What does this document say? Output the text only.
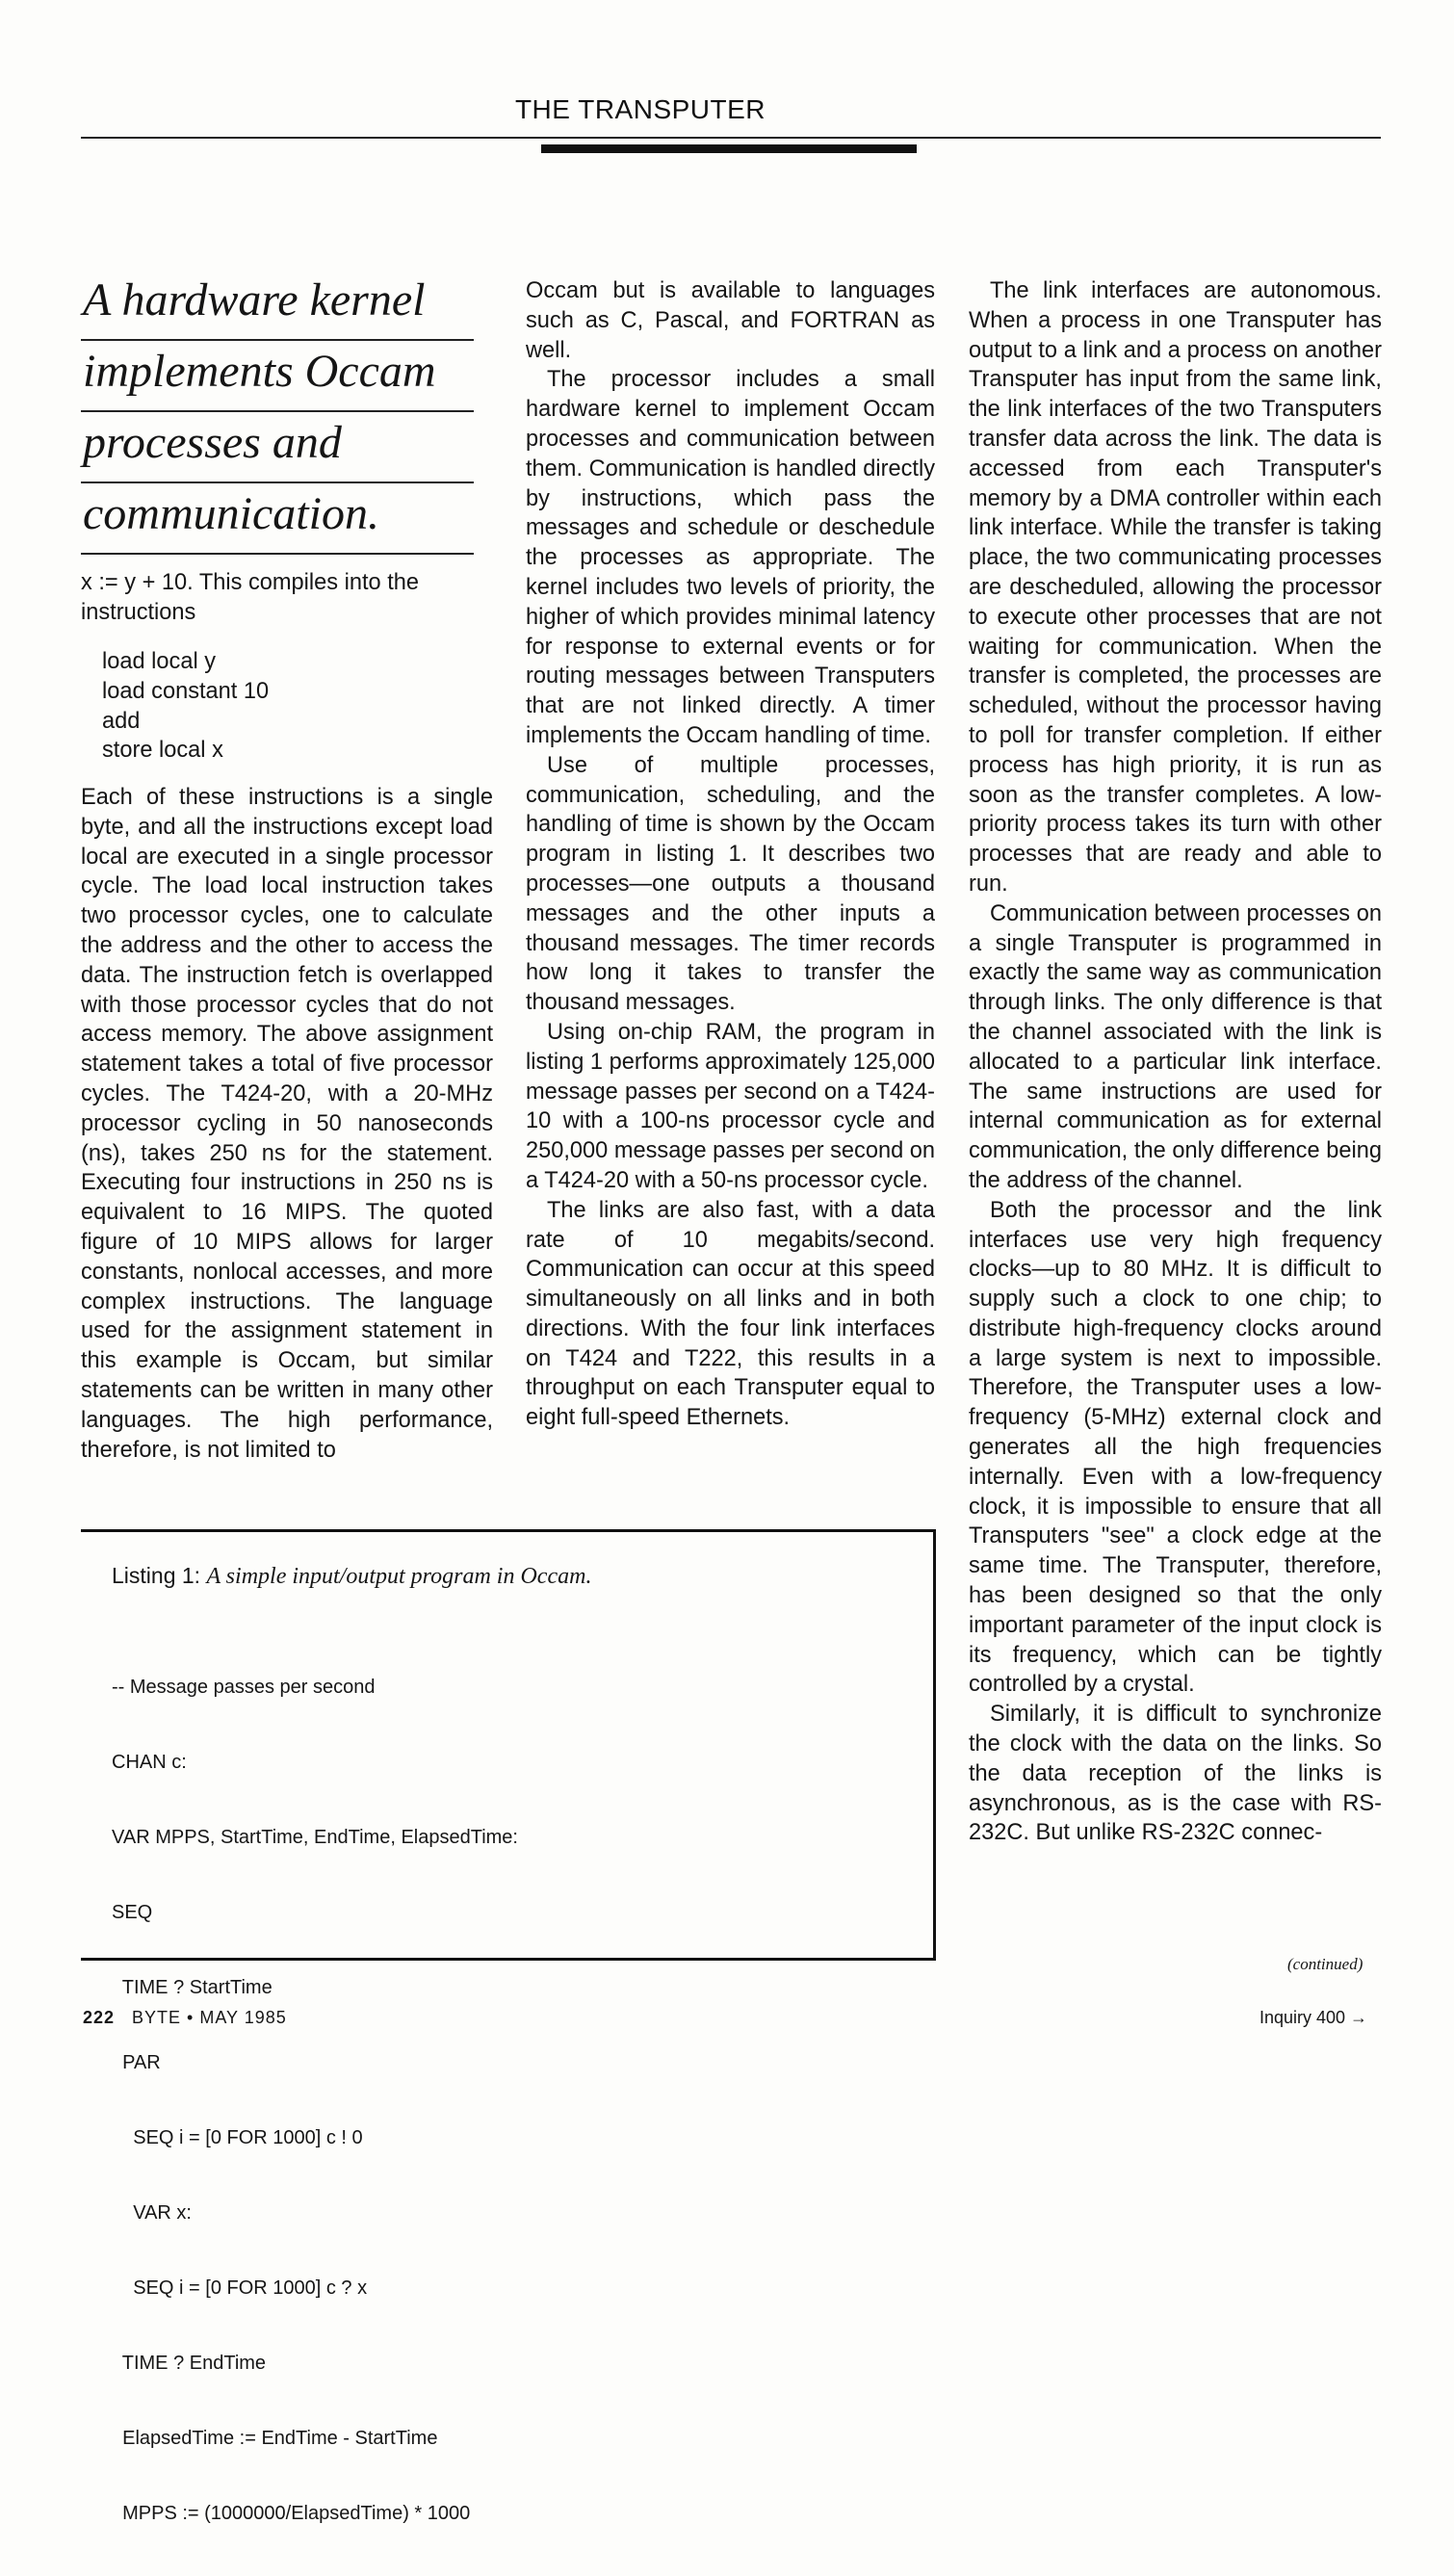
THE TRANSPUTER
A hardware kernel
implements Occam
processes and
communication.
x := y + 10. This compiles into the instructions
load local y
load constant 10
add
store local x

Each of these instructions is a single byte, and all the instructions except load local are executed in a single processor cycle. The load local instruction takes two processor cycles, one to calculate the address and the other to access the data. The instruction fetch is overlapped with those processor cycles that do not access memory. The above assignment statement takes a total of five processor cycles. The T424-20, with a 20-MHz processor cycling in 50 nanoseconds (ns), takes 250 ns for the statement. Executing four instructions in 250 ns is equivalent to 16 MIPS. The quoted figure of 10 MIPS allows for larger constants, nonlocal accesses, and more complex instructions. The language used for the assignment statement in this example is Occam, but similar statements can be written in many other languages. The high performance, therefore, is not limited to

Occam but is available to languages such as C, Pascal, and FORTRAN as well.

The processor includes a small hardware kernel to implement Occam processes and communication between them. Communication is handled directly by instructions, which pass the messages and schedule or deschedule the processes as appropriate. The kernel includes two levels of priority, the higher of which provides minimal latency for response to external events or for routing messages between Transputers that are not linked directly. A timer implements the Occam handling of time.

Use of multiple processes, communication, scheduling, and the handling of time is shown by the Occam program in listing 1. It describes two processes—one outputs a thousand messages and the other inputs a thousand messages. The timer records how long it takes to transfer the thousand messages.

Using on-chip RAM, the program in listing 1 performs approximately 125,000 message passes per second on a T424-10 with a 100-ns processor cycle and 250,000 message passes per second on a T424-20 with a 50-ns processor cycle.

The links are also fast, with a data rate of 10 megabits/second. Communication can occur at this speed simultaneously on all links and in both directions. With the four link interfaces on T424 and T222, this results in a throughput on each Transputer equal to eight full-speed Ethernets.

The link interfaces are autonomous. When a process in one Transputer has output to a link and a process on another Transputer has input from the same link, the link interfaces of the two Transputers transfer data across the link. The data is accessed from each Transputer's memory by a DMA controller within each link interface. While the transfer is taking place, the two communicating processes are descheduled, allowing the processor to execute other processes that are not waiting for communication. When the transfer is completed, the processes are scheduled, without the processor having to poll for transfer completion. If either process has high priority, it is run as soon as the transfer completes. A low-priority process takes its turn with other processes that are ready and able to run.

Communication between processes on a single Transputer is programmed in exactly the same way as communication through links. The only difference is that the channel associated with the link is allocated to a particular link interface. The same instructions are used for internal communication as for external communication, the only difference being the address of the channel.

Both the processor and the link interfaces use very high frequency clocks—up to 80 MHz. It is difficult to supply such a clock to one chip; to distribute high-frequency clocks around a large system is next to impossible. Therefore, the Transputer uses a low-frequency (5-MHz) external clock and generates all the high frequencies internally. Even with a low-frequency clock, it is impossible to ensure that all Transputers "see" a clock edge at the same time. The Transputer, therefore, has been designed so that the only important parameter of the input clock is its frequency, which can be tightly controlled by a crystal.

Similarly, it is difficult to synchronize the clock with the data on the links. So the data reception of the links is asynchronous, as is the case with RS-232C. But unlike RS-232C connec-

(continued)
Listing 1: A simple input/output program in Occam.

-- Message passes per second

CHAN c:

VAR MPPS, StartTime, EndTime, ElapsedTime:

SEQ

TIME ? StartTime

PAR

SEQ i = [0 FOR 1000] c ! 0

VAR x:

SEQ i = [0 FOR 1000] c ? x

TIME ? EndTime

ElapsedTime := EndTime - StartTime

MPPS := (1000000/ElapsedTime) * 1000

222 BYTE • MAY 1985	Inquiry 400 →
